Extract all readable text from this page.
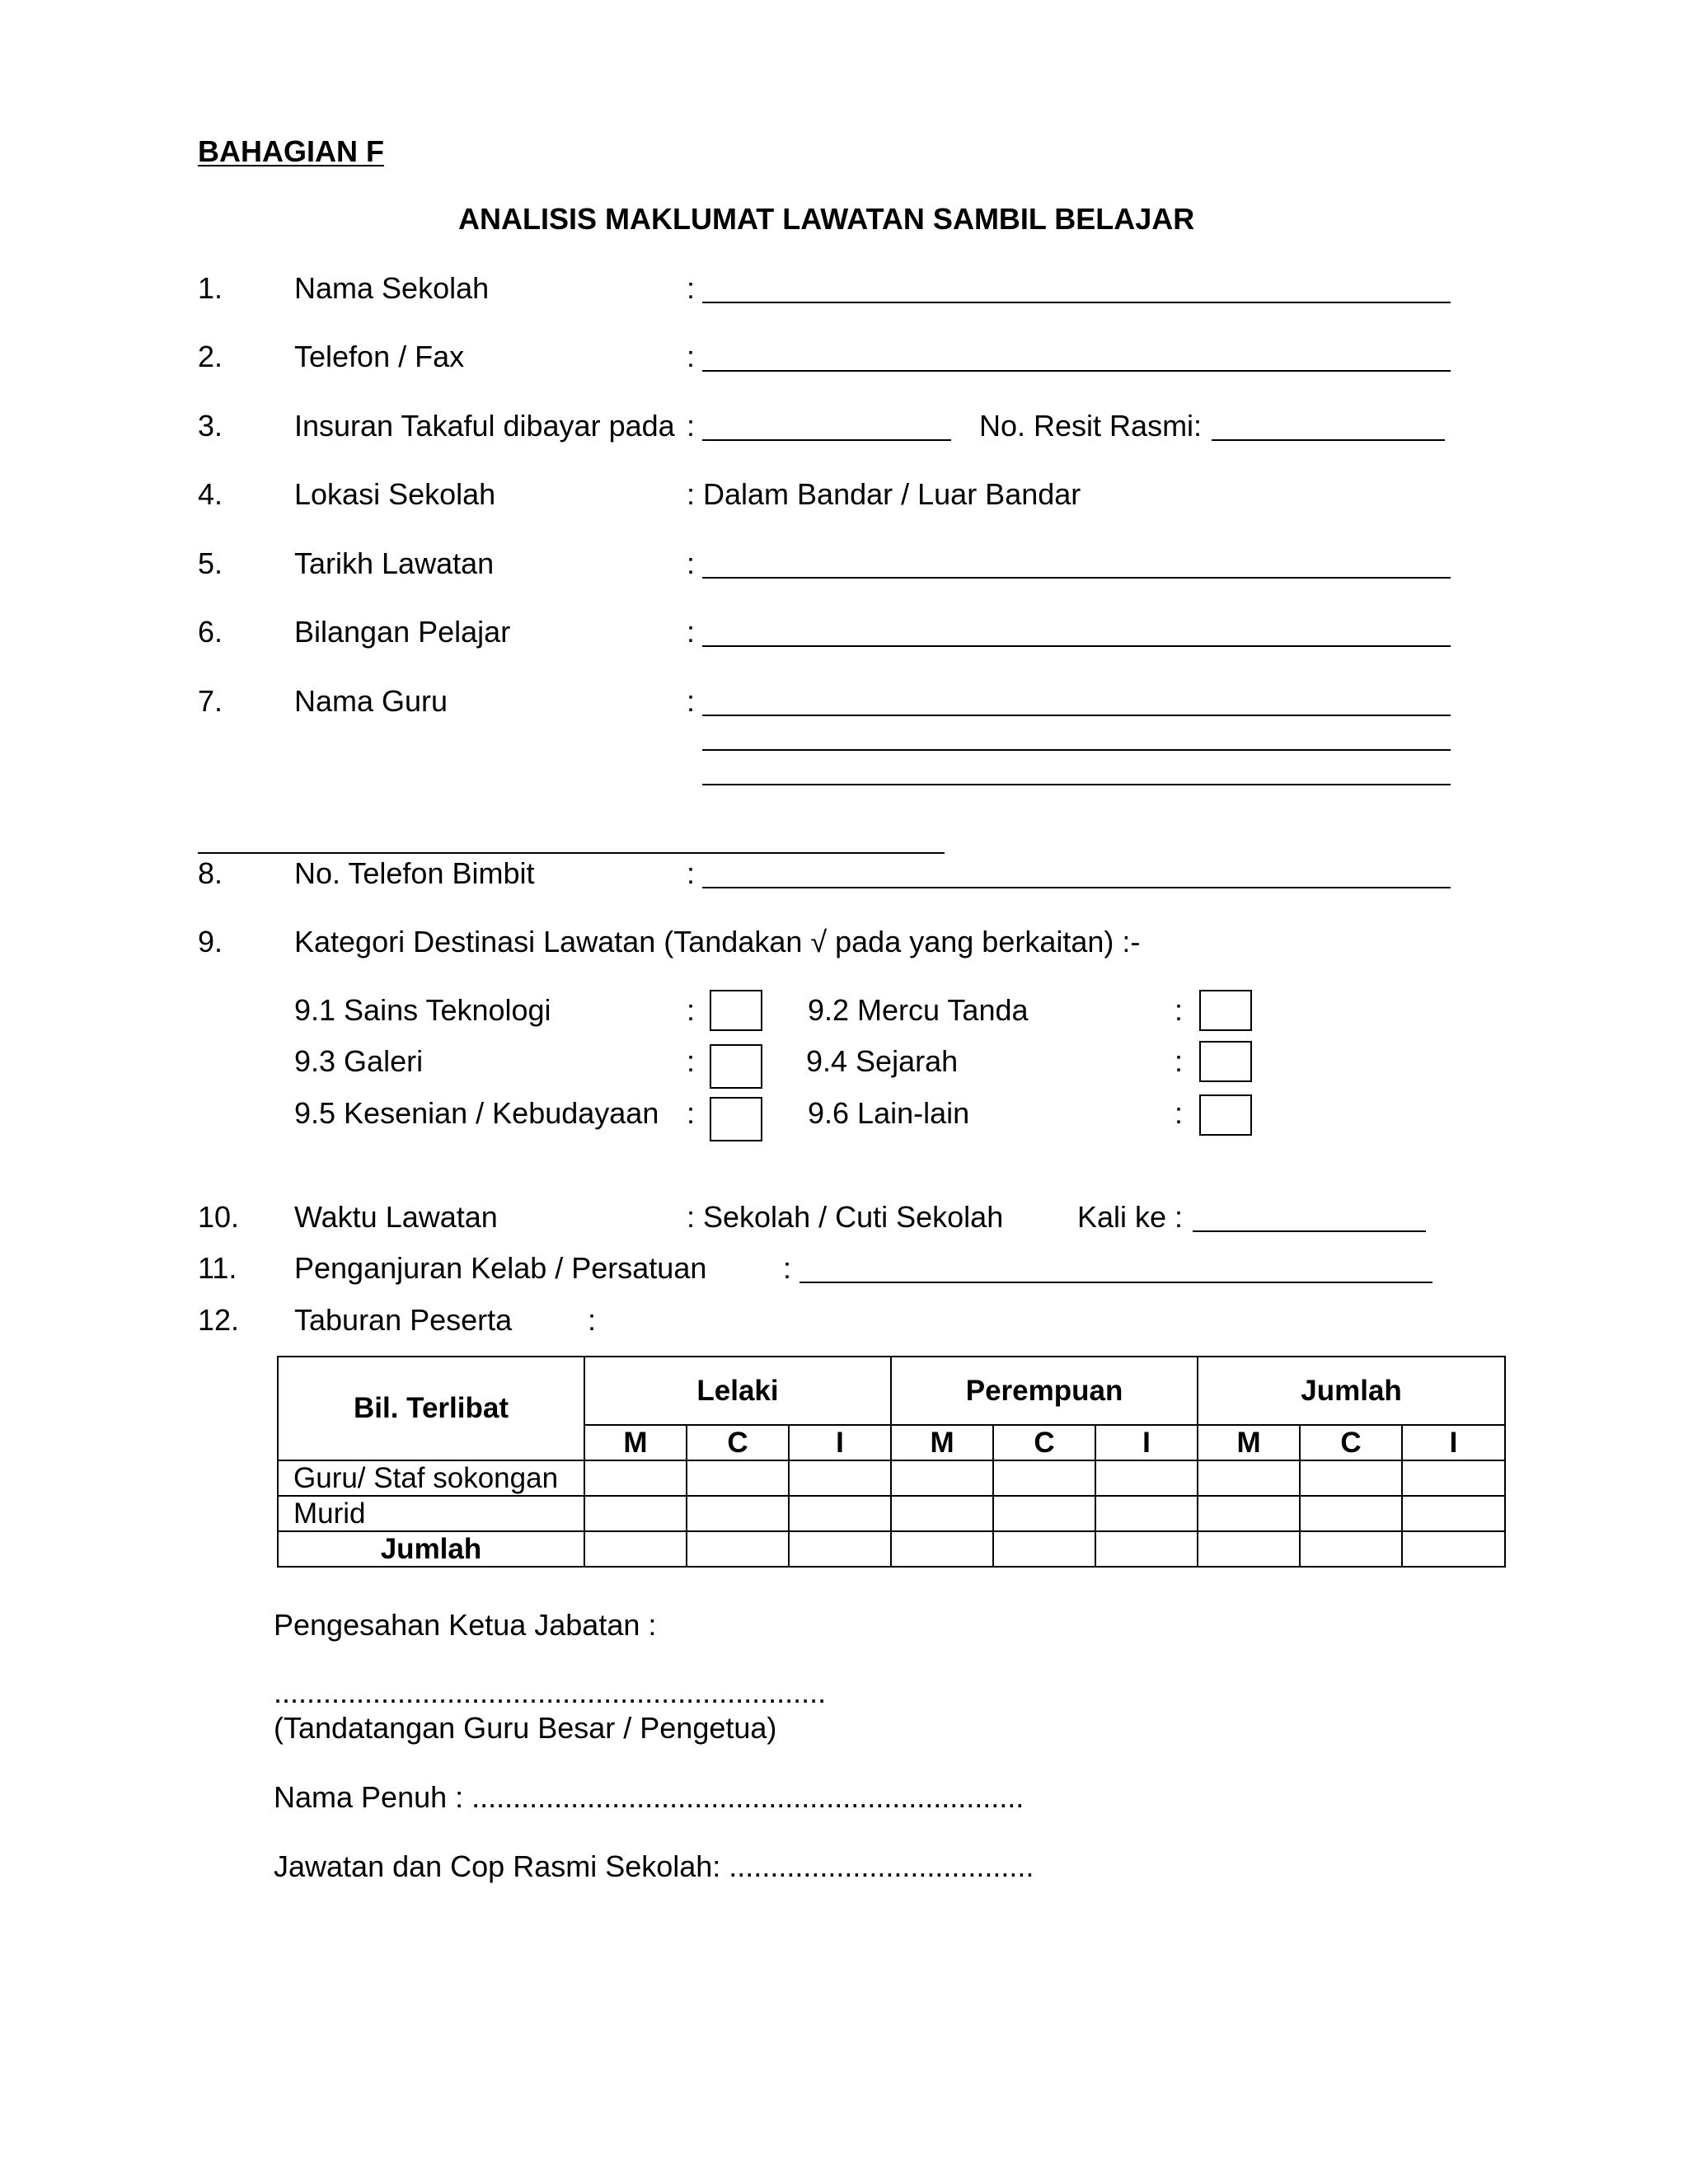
BAHAGIAN F
ANALISIS MAKLUMAT LAWATAN SAMBIL BELAJAR
1. Nama Sekolah	:
2. Telefon / Fax	:
3. Insuran Takaful dibayar pada :	No. Resit Rasmi:
4. Lokasi Sekolah	: Dalam Bandar / Luar Bandar
5. Tarikh Lawatan	:
6. Bilangan Pelajar	:
7. Nama Guru	:
8. No. Telefon Bimbit	:
9. Kategori Destinasi Lawatan (Tandakan √ pada yang berkaitan) :-
9.1 Sains Teknologi	:	9.2 Mercu Tanda	:
9.3 Galeri	:	9.4 Sejarah	:
9.5 Kesenian / Kebudayaan :	9.6 Lain-lain	:
10. Waktu Lawatan	: Sekolah / Cuti Sekolah Kali ke :
11. Penganjuran Kelab / Persatuan	:
12. Taburan Peserta	:
Bil. Terlibat	Lelaki			Perempuan			Jumlah		
	M	C	I	M	C	I	M	C	I
Guru/ Staf sokongan									
Murid									
Jumlah									
Pengesahan Ketua Jabatan :
...................................................................
(Tandatangan Guru Besar / Pengetua)
Nama Penuh : ...................................................................
Jawatan dan Cop Rasmi Sekolah: .....................................
